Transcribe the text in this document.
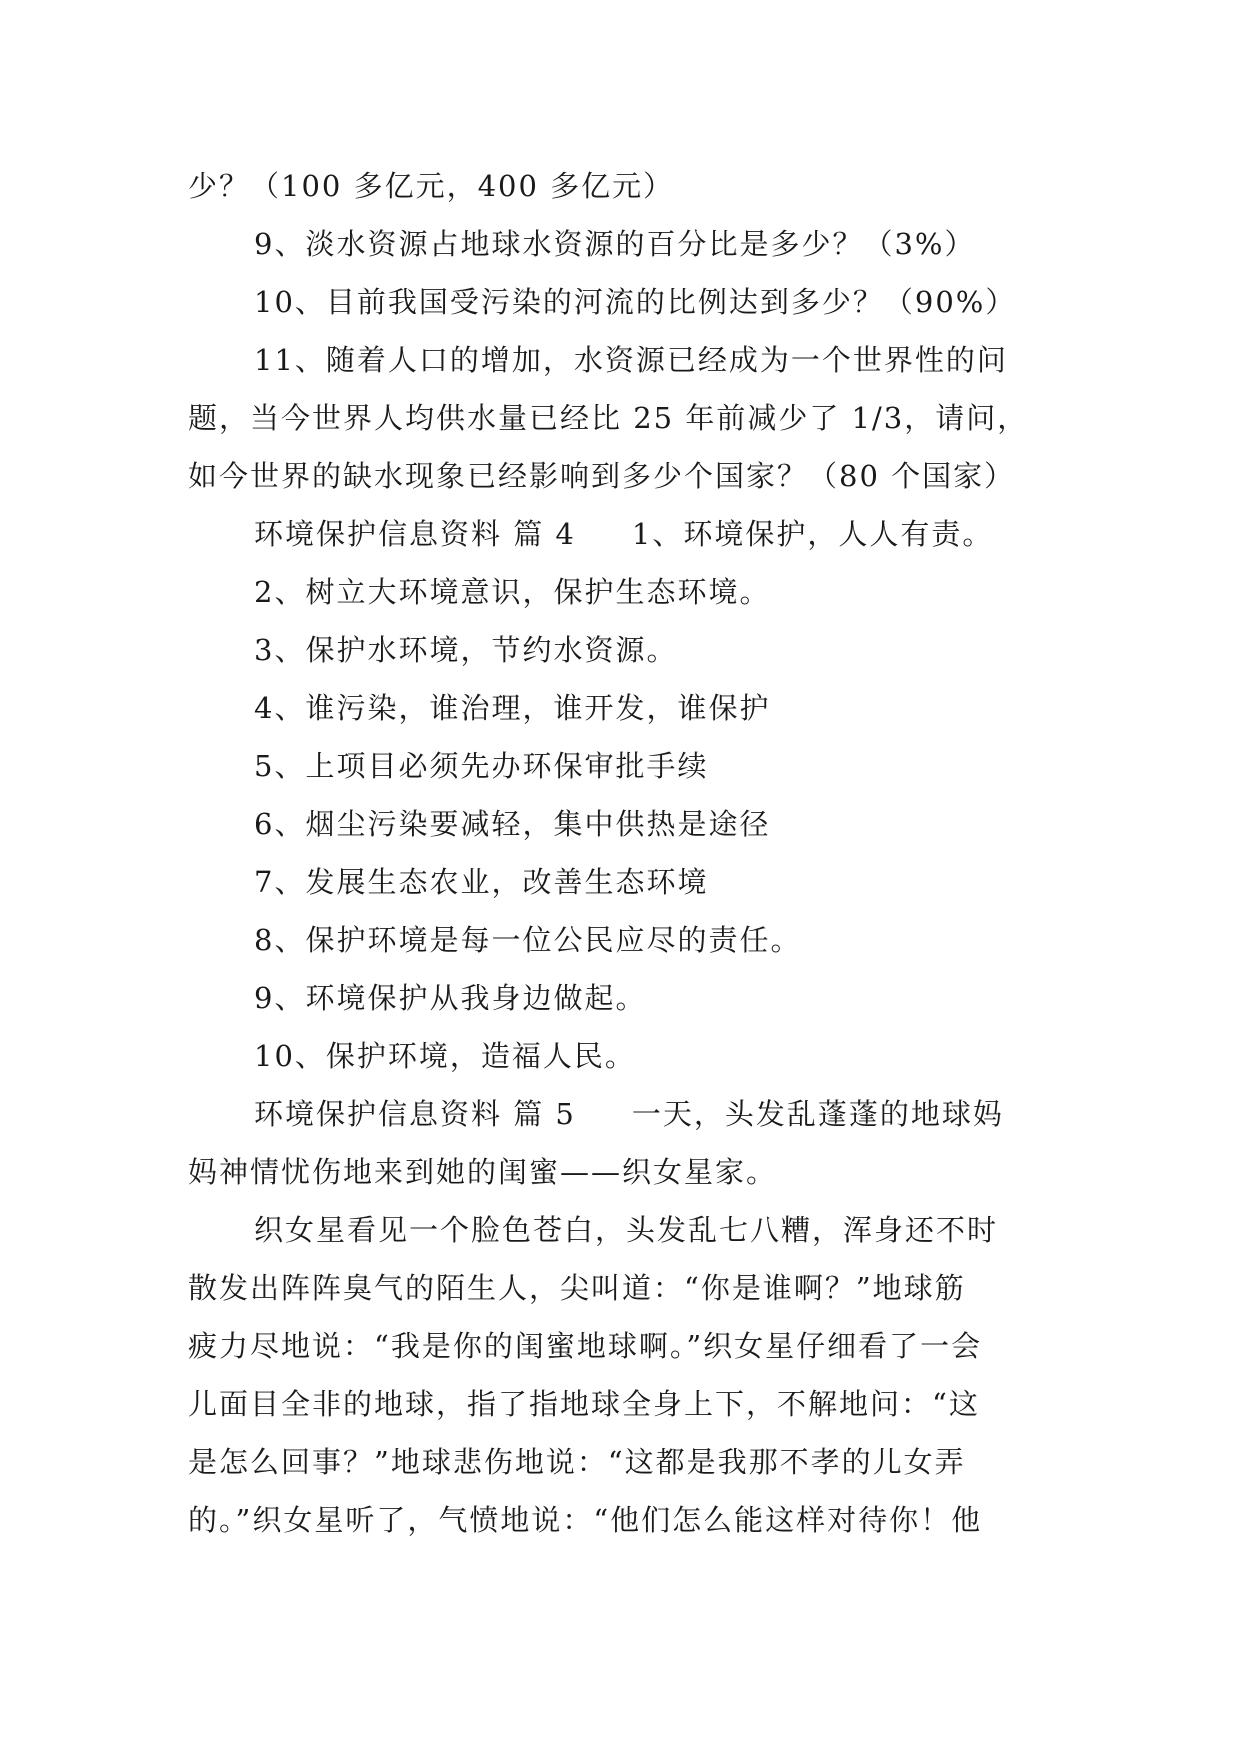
少？（100 多亿元，400 多亿元）
9、淡水资源占地球水资源的百分比是多少？（3%）
10、目前我国受污染的河流的比例达到多少？（90%）
11、随着人口的增加，水资源已经成为一个世界性的问
题，当今世界人均供水量已经比 25 年前减少了 1/3，请问，
如今世界的缺水现象已经影响到多少个国家？（80 个国家）
环境保护信息资料 篇 4 1、环境保护，人人有责。
2、树立大环境意识，保护生态环境。
3、保护水环境，节约水资源。
4、谁污染，谁治理，谁开发，谁保护
5、上项目必须先办环保审批手续
6、烟尘污染要减轻，集中供热是途径
7、发展生态农业，改善生态环境
8、保护环境是每一位公民应尽的责任。
9、环境保护从我身边做起。
10、保护环境，造福人民。
环境保护信息资料 篇 5 一天，头发乱蓬蓬的地球妈
妈神情忧伤地来到她的闺蜜——织女星家。
织女星看见一个脸色苍白，头发乱七八糟，浑身还不时
散发出阵阵臭气的陌生人，尖叫道：“你是谁啊？”地球筋
疲力尽地说：“我是你的闺蜜地球啊。”织女星仔细看了一会
儿面目全非的地球，指了指地球全身上下，不解地问：“这
是怎么回事？”地球悲伤地说：“这都是我那不孝的儿女弄
的。”织女星听了，气愤地说：“他们怎么能这样对待你！他
